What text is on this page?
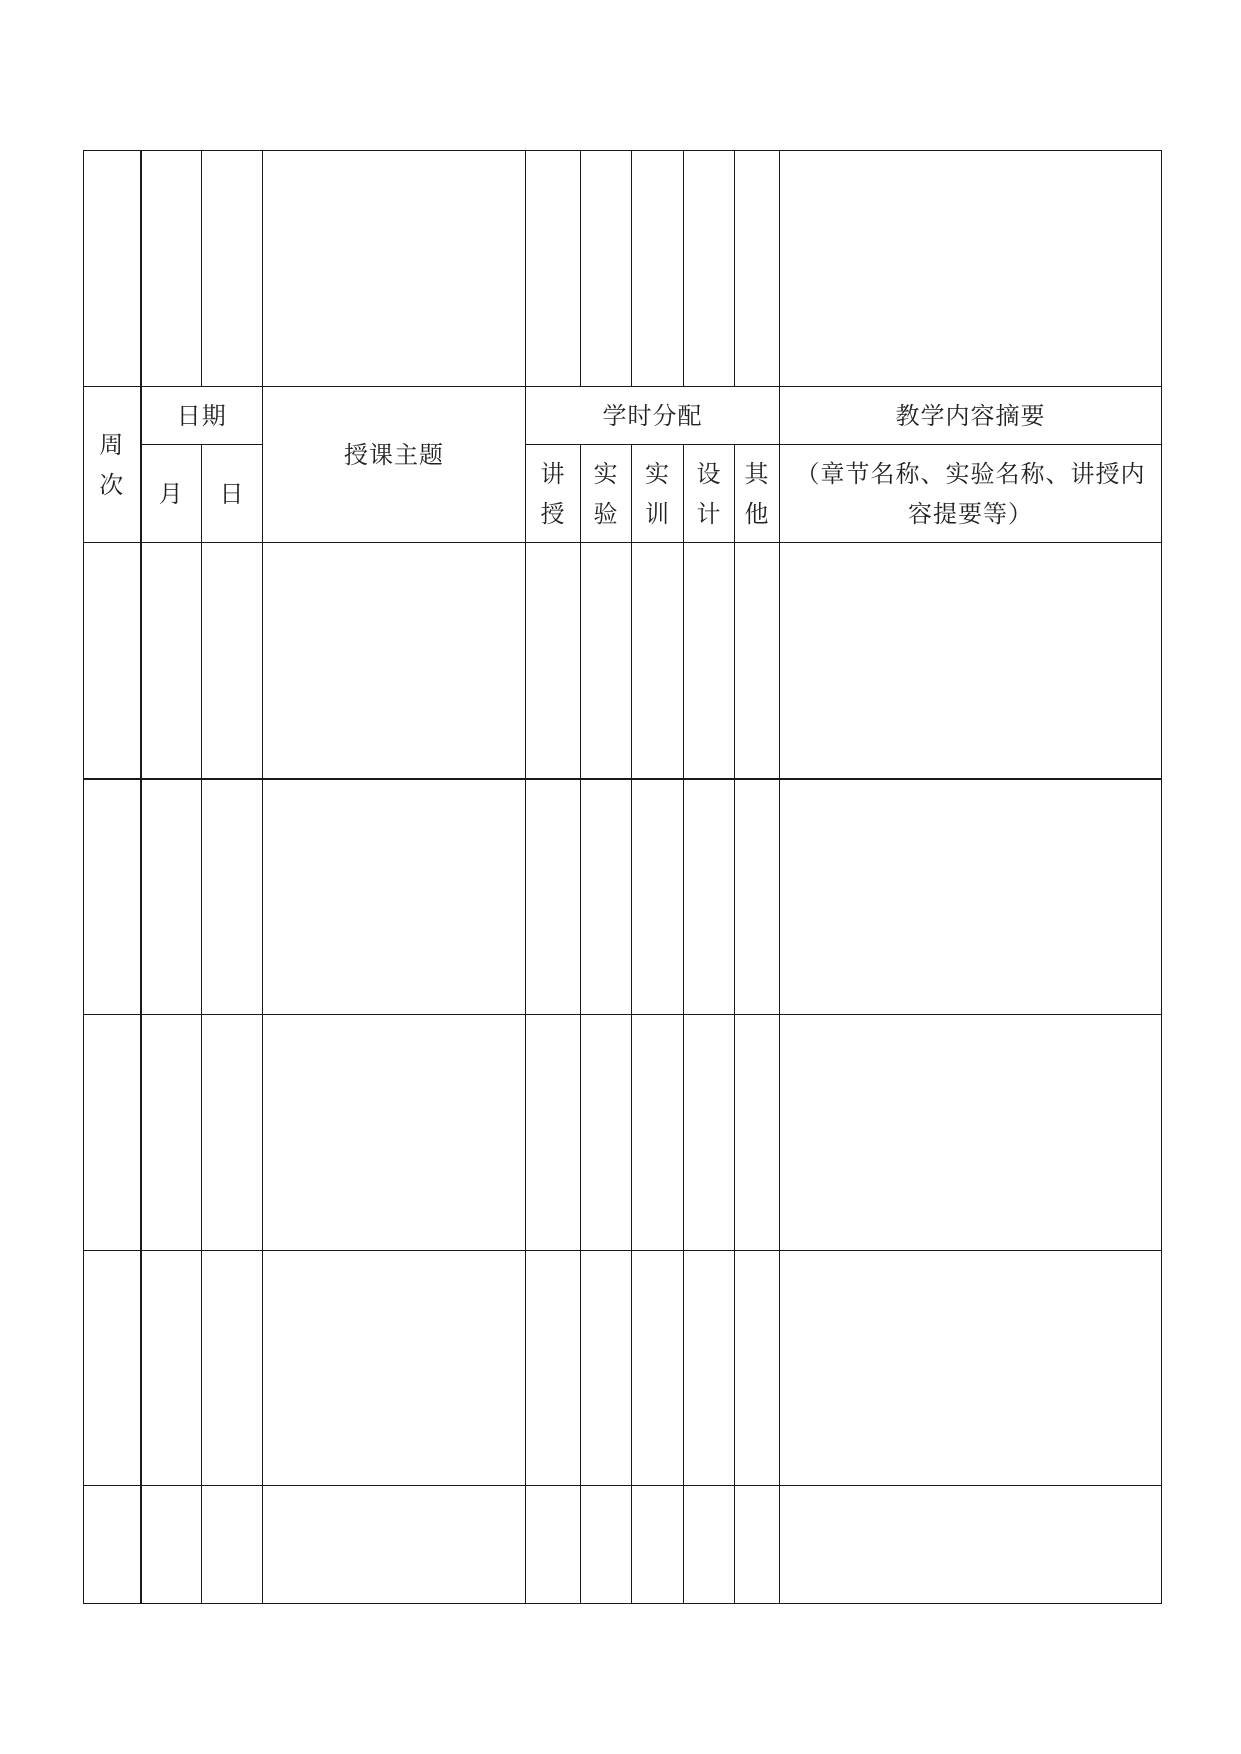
周次	日期		授课主题	学时分配					教学内容摘要

	月	日		讲授	实验	实训	设计	其他	（章节名称、实验名称、讲授内容提要等）
